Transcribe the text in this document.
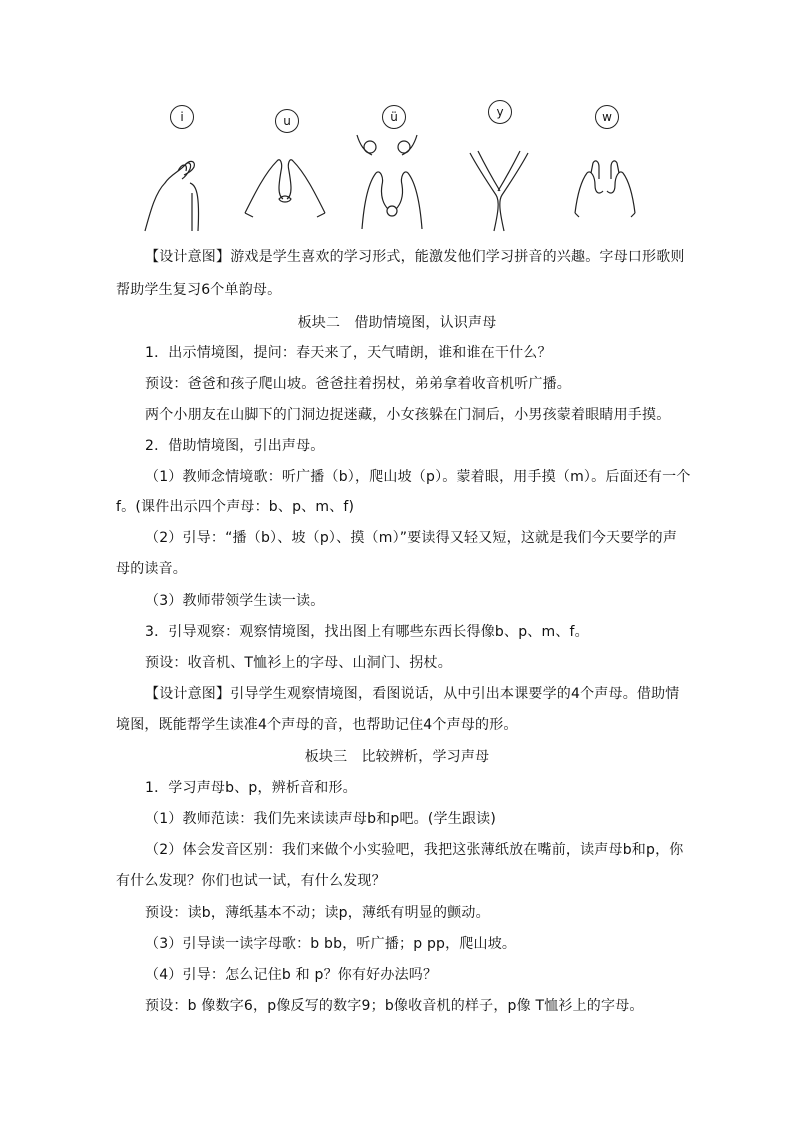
i	u	ü	y	w
【设计意图】游戏是学生喜欢的学习形式，能激发他们学习拼音的兴趣。字母口形歌则
帮助学生复习6个单韵母。
板块二　借助情境图，认识声母
1．出示情境图，提问：春天来了，天气晴朗，谁和谁在干什么？
预设：爸爸和孩子爬山坡。爸爸拄着拐杖，弟弟拿着收音机听广播。
两个小朋友在山脚下的门洞边捉迷藏，小女孩躲在门洞后，小男孩蒙着眼睛用手摸。
2．借助情境图，引出声母。
（1）教师念情境歌：听广播（b），爬山坡（p）。蒙着眼，用手摸（m）。后面还有一个
f。(课件出示四个声母：b、p、m、f)
（2）引导：“播（b）、坡（p）、摸（m）”要读得又轻又短，这就是我们今天要学的声
母的读音。
（3）教师带领学生读一读。
3．引导观察：观察情境图，找出图上有哪些东西长得像b、p、m、f。
预设：收音机、T恤衫上的字母、山洞门、拐杖。
【设计意图】引导学生观察情境图，看图说话，从中引出本课要学的4个声母。借助情
境图，既能帮学生读准4个声母的音，也帮助记住4个声母的形。
板块三　比较辨析，学习声母
1．学习声母b、p，辨析音和形。
（1）教师范读：我们先来读读声母b和p吧。(学生跟读)
（2）体会发音区别：我们来做个小实验吧，我把这张薄纸放在嘴前，读声母b和p，你
有什么发现？你们也试一试，有什么发现？
预设：读b，薄纸基本不动；读p，薄纸有明显的颤动。
（3）引导读一读字母歌：b bb，听广播；p pp，爬山坡。
（4）引导：怎么记住b 和 p？你有好办法吗？
预设：b 像数字6，p像反写的数字9；b像收音机的样子，p像 T恤衫上的字母。
